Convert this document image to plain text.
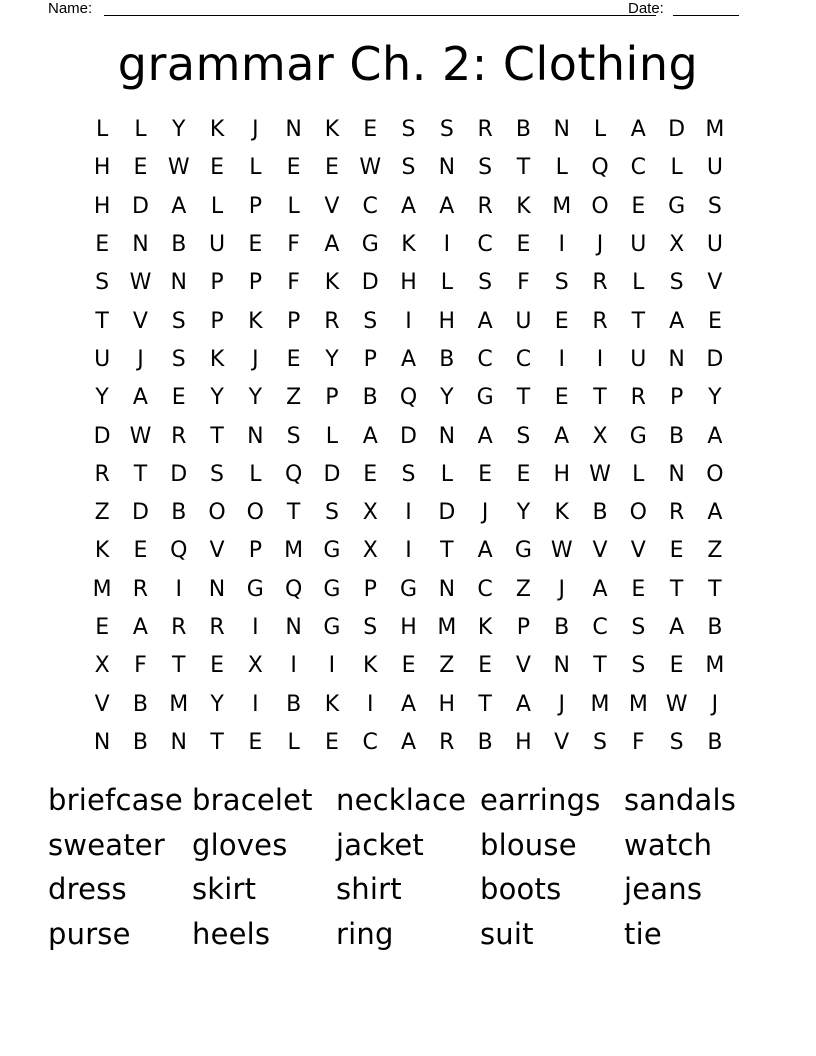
Name:	Date:
grammar Ch. 2: Clothing
L	L	Y	K	J	N	K	E	S	S	R	B	N	L	A	D M
H	E W E	L	E	E W S	N	S	T	L	Q C	L	U
H D	A	L	P	L	V	C	A	A	R	K M O	E	G	S
E	N	B	U	E	F	A	G	K	I	C	E	I	J	U	X	U
S W N	P	P	F	K	D H	L	S	F	S	R	L	S	V
T	V	S	P	K	P	R	S	I	H	A	U	E	R	T	A	E
U	J	S	K	J	E	Y	P	A	B	C	C	I	I	U	N D
Y	A	E	Y	Y	Z	P	B	Q	Y	G	T	E	T	R	P	Y
D W R	T	N	S	L	A	D N	A	S	A	X	G	B	A
R	T	D	S	L	Q D	E	S	L	E	E	H W L	N O
Z	D	B	O O	T	S	X	I	D	J	Y	K	B	O R	A
K	E	Q	V	P	M G	X	I	T	A	G W V	V	E	Z
M R	I	N G Q G	P	G N	C	Z	J	A	E	T	T
E	A	R	R	I	N G	S	H M K	P	B	C	S	A	B
X	F	T	E	X	I	I	K	E	Z	E	V	N	T	S	E M
V	B M	Y	I	B	K	I	A	H	T	A	J	M M W	J
N	B	N	T	E	L	E	C	A	R	B	H	V	S	F	S	B
briefcase bracelet necklace earrings sandals
sweater gloves	jacket	blouse	watch
dress	skirt	shirt	boots	jeans
purse	heels	ring	suit	tie
